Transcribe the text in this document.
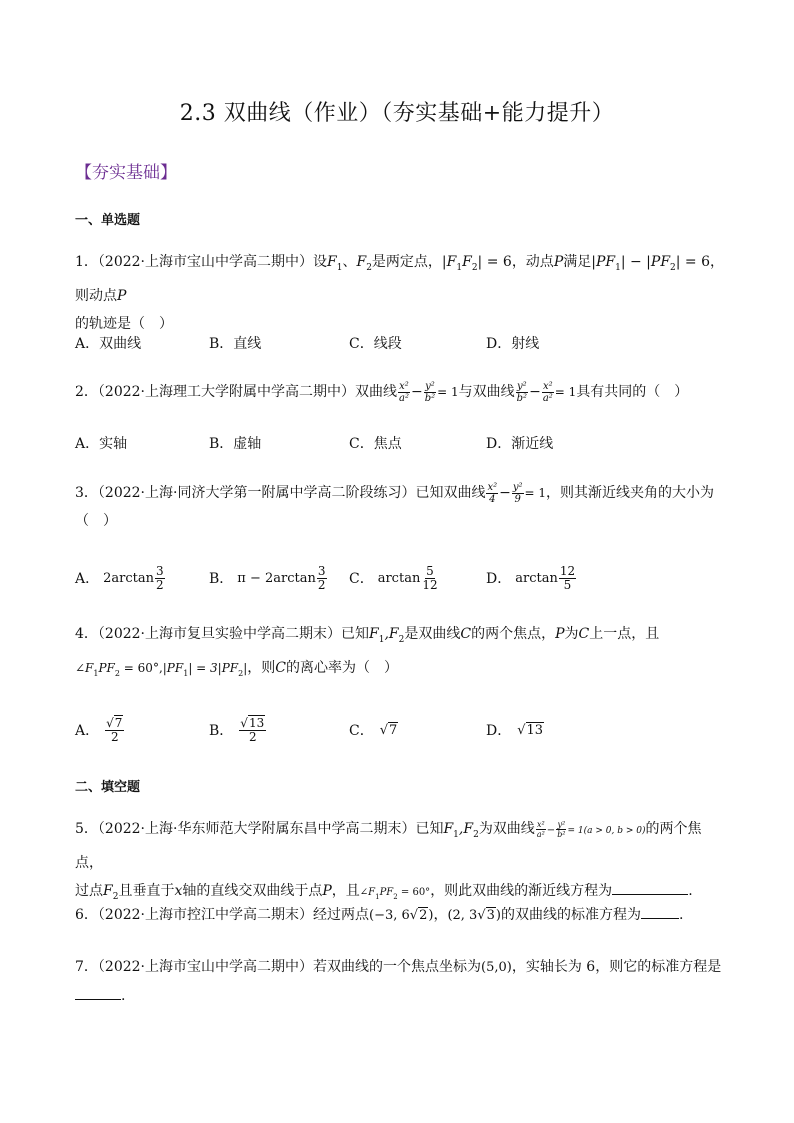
2.3 双曲线（作业）（夯实基础+能力提升）
【夯实基础】
一、单选题
1．（2022·上海市宝山中学高二期中）设$F_1$、$F_2$是两定点，$|F_1F_2| = 6$，动点P满足$|PF_1| - |PF_2| = 6$，则动点P
的轨迹是（　）
A．双曲线	B．直线	C．线段	D．射线
2．（2022·上海理工大学附属中学高二期中）双曲线 $\frac{\text{x²}}{\text{a²}} - \frac{\text{y²}}{\text{b²}} = 1$与双曲线 $\frac{\text{y²}}{\text{b²}} - \frac{\text{x²}}{\text{a²}} = 1$具有共同的（　）
A．实轴	B．虚轴	C．焦点	D．渐近线
3．（2022·上海·同济大学第一附属中学高二阶段练习）已知双曲线 $\frac{\text{x²}}{4} - \frac{\text{y²}}{9} = 1$，则其渐近线夹角的大小为
（　）
A． $2\arctan \frac{3}{2}$	B． $\pi - 2\arctan \frac{3}{2}$ C． $\arctan \frac{5}{12}$	D． $\arctan \frac{12}{5}$
4．（2022·上海市复旦实验中学高二期末）已知$F_1,F_2$是双曲线C的两个焦点，P为C上一点，且
$\angle F_1PF_2 = 60^\circ,|PF_1| = 3|PF_2|$，则C的离心率为（　）
A． $\frac{√7}{2}$	B． $\frac{√13}{2}$	C． √ 7	D． √ 13
二、填空题
5．（2022·上海·华东师范大学附属东昌中学高二期末）已知$F_1,F_2$为双曲线 $\frac{\text{x²}}{\text{a²}} - \frac{\text{y²}}{\text{b²}} = 1(a > 0$, b > 0)的两个焦点，
过点$F_2$且垂直于x轴的直线交双曲线于点P，且$\angle F_1PF_2 = 60^\circ$，则此双曲线的渐近线方程为	.
6．（2022·上海市控江中学高二期末）经过两点(−3, 6√2)，(2, 3√3)的双曲线的标准方程为	.
7．（2022·上海市宝山中学高二期中）若双曲线的一个焦点坐标为(5,0)，实轴长为 6，则它的标准方程是
.
